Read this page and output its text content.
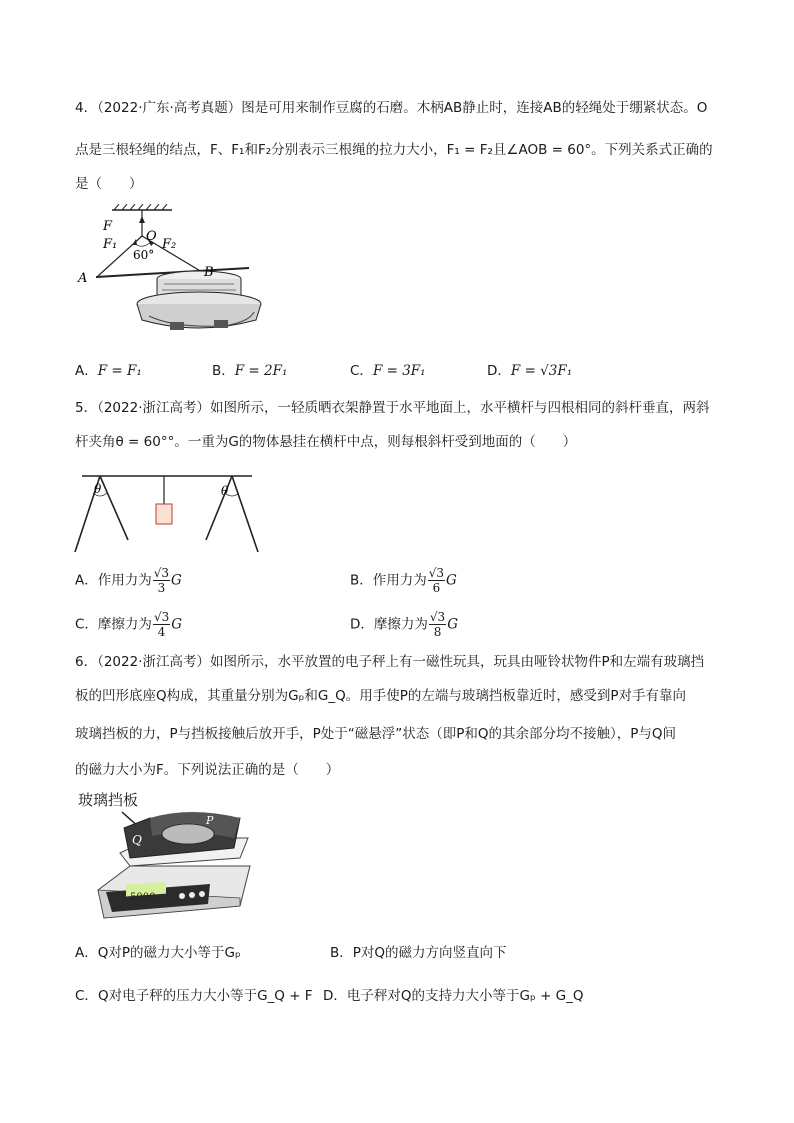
4．（2022·广东·高考真题）图是可用来制作豆腐的石磨。木柄AB静止时，连接AB的轻绳处于绷紧状态。O
点是三根轻绳的结点，F、F₁和F₂分别表示三根绳的拉力大小，F₁ = F₂且∠AOB = 60°。下列关系式正确的
是（　　）
F
F₁
O
F₂
60°
A	B
A．F = F₁	B．F = 2F₁	C．F = 3F₁	D．F = √3F₁
5．（2022·浙江高考）如图所示，一轻质晒衣架静置于水平地面上，水平横杆与四根相同的斜杆垂直，两斜
杆夹角θ = 60°°。一重为G的物体悬挂在横杆中点，则每根斜杆受到地面的（　　）
θ	θ
A．作用力为 $\frac{√3}{3}$ G	B．作用力为 $\frac{√3}{6}$ G
C．摩擦力为 $\frac{√3}{4}$ G	D．摩擦力为 $\frac{√3}{8}$ G
6．（2022·浙江高考）如图所示，水平放置的电子秤上有一磁性玩具，玩具由哑铃状物件P和左端有玻璃挡
板的凹形底座Q构成，其重量分别为Gₚ和G_Q。用手使P的左端与玻璃挡板靠近时，感受到P对手有靠向
玻璃挡板的力，P与挡板接触后放开手，P处于“磁悬浮”状态（即P和Q的其余部分均不接触），P与Q间
的磁力大小为F。下列说法正确的是（　　）
玻璃挡板
5000
Q
P
A．Q对P的磁力大小等于Gₚ	B．P对Q的磁力方向竖直向下
C．Q对电子秤的压力大小等于G_Q + F D．电子秤对Q的支持力大小等于Gₚ + G_Q
